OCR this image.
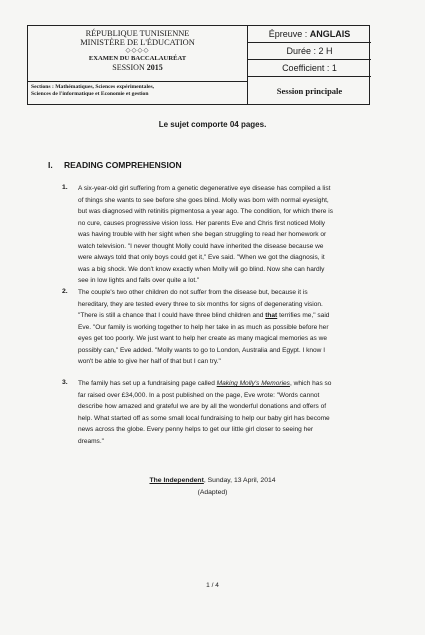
RÉPUBLIQUE TUNISIENNE
MINISTÈRE DE L'ÉDUCATION
◇◇◇◇
EXAMEN DU BACCALAURÉAT
SESSION 2015
Sections : Mathématiques, Sciences expérimentales,
Sciences de l'informatique et Economie et gestion
Épreuve : ANGLAIS
Durée : 2 H
Coefficient : 1
Session principale
Le sujet comporte 04 pages.
I. READING COMPREHENSION
1. A six-year-old girl suffering from a genetic degenerative eye disease has compiled a list
of things she wants to see before she goes blind. Molly was born with normal eyesight,
but was diagnosed with retinitis pigmentosa a year ago. The condition, for which there is
no cure, causes progressive vision loss. Her parents Eve and Chris first noticed Molly
was having trouble with her sight when she began struggling to read her homework or
watch television. "I never thought Molly could have inherited the disease because we
were always told that only boys could get it," Eve said. "When we got the diagnosis, it
was a big shock. We don't know exactly when Molly will go blind. Now she can hardly
see in low lights and falls over quite a lot."
2. The couple's two other children do not suffer from the disease but, because it is
hereditary, they are tested every three to six months for signs of degenerating vision.
"There is still a chance that I could have three blind children and that terrifies me," said
Eve. "Our family is working together to help her take in as much as possible before her
eyes get too poorly. We just want to help her create as many magical memories as we
possibly can," Eve added. "Molly wants to go to London, Australia and Egypt. I know I
won't be able to give her half of that but I can try."
3. The family has set up a fundraising page called Making Molly's Memories, which has so
far raised over £34,000. In a post published on the page, Eve wrote: "Words cannot
describe how amazed and grateful we are by all the wonderful donations and offers of
help. What started off as some small local fundraising to help our baby girl has become
news across the globe. Every penny helps to get our little girl closer to seeing her
dreams."
The Independent, Sunday, 13 April, 2014
(Adapted)
1 / 4
